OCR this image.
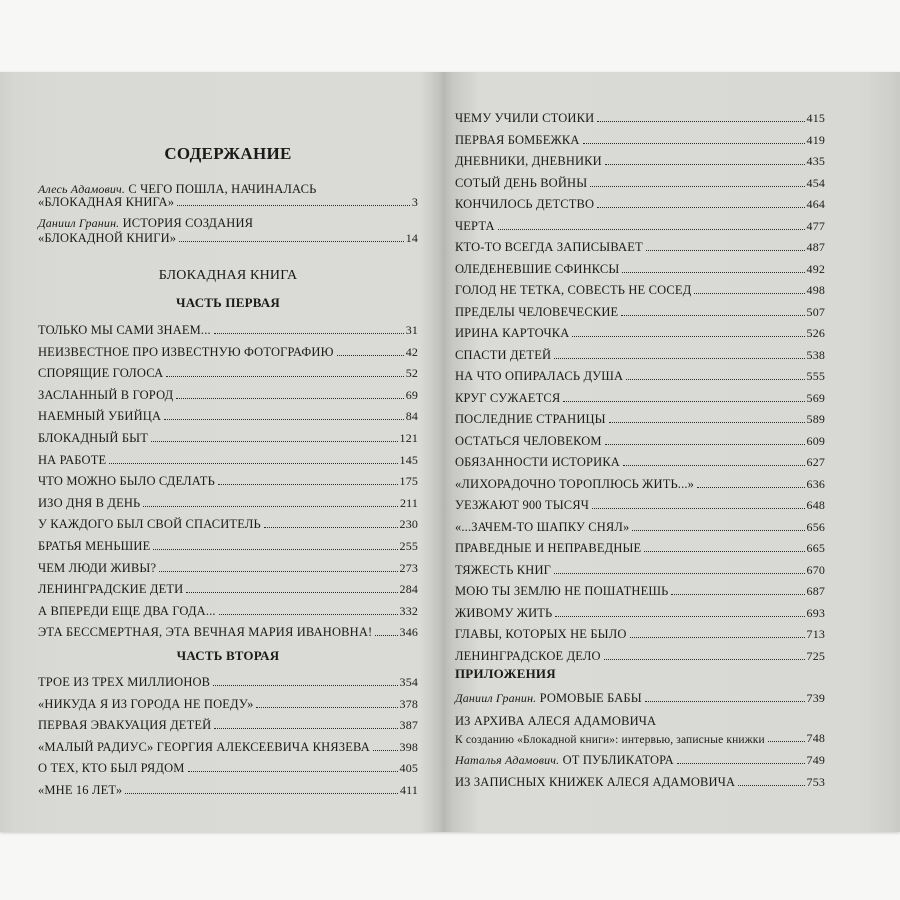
СОДЕРЖАНИЕ
Алесь Адамович. С ЧЕГО ПОШЛА, НАЧИНАЛАСЬ
«БЛОКАДНАЯ КНИГА»	3
Даниил Гранин. ИСТОРИЯ СОЗДАНИЯ
«БЛОКАДНОЙ КНИГИ»	14
БЛОКАДНАЯ КНИГА
ЧАСТЬ ПЕРВАЯ
ТОЛЬКО МЫ САМИ ЗНАЕМ...	31
НЕИЗВЕСТНОЕ ПРО ИЗВЕСТНУЮ ФОТОГРАФИЮ	42
СПОРЯЩИЕ ГОЛОСА	52
ЗАСЛАННЫЙ В ГОРОД	69
НАЕМНЫЙ УБИЙЦА	84
БЛОКАДНЫЙ БЫТ	121
НА РАБОТЕ	145
ЧТО МОЖНО БЫЛО СДЕЛАТЬ	175
ИЗО ДНЯ В ДЕНЬ	211
У КАЖДОГО БЫЛ СВОЙ СПАСИТЕЛЬ	230
БРАТЬЯ МЕНЬШИЕ	255
ЧЕМ ЛЮДИ ЖИВЫ?	273
ЛЕНИНГРАДСКИЕ ДЕТИ	284
А ВПЕРЕДИ ЕЩЕ ДВА ГОДА...	332
ЭТА БЕССМЕРТНАЯ, ЭТА ВЕЧНАЯ МАРИЯ ИВАНОВНА! 346
ЧАСТЬ ВТОРАЯ
ТРОЕ ИЗ ТРЕХ МИЛЛИОНОВ	354
«НИКУДА Я ИЗ ГОРОДА НЕ ПОЕДУ»	378
ПЕРВАЯ ЭВАКУАЦИЯ ДЕТЕЙ	387
«МАЛЫЙ РАДИУС» ГЕОРГИЯ АЛЕКСЕЕВИЧА КНЯЗЕВА 398
О ТЕХ, КТО БЫЛ РЯДОМ	405
«МНЕ 16 ЛЕТ»	411
ЧЕМУ УЧИЛИ СТОИКИ	415
ПЕРВАЯ БОМБЕЖКА	419
ДНЕВНИКИ, ДНЕВНИКИ	435
СОТЫЙ ДЕНЬ ВОЙНЫ	454
КОНЧИЛОСЬ ДЕТСТВО	464
ЧЕРТА	477
КТО-ТО ВСЕГДА ЗАПИСЫВАЕТ	487
ОЛЕДЕНЕВШИЕ СФИНКСЫ	492
ГОЛОД НЕ ТЕТКА, СОВЕСТЬ НЕ СОСЕД	498
ПРЕДЕЛЫ ЧЕЛОВЕЧЕСКИЕ	507
ИРИНА КАРТОЧКА	526
СПАСТИ ДЕТЕЙ	538
НА ЧТО ОПИРАЛАСЬ ДУША	555
КРУГ СУЖАЕТСЯ	569
ПОСЛЕДНИЕ СТРАНИЦЫ	589
ОСТАТЬСЯ ЧЕЛОВЕКОМ	609
ОБЯЗАННОСТИ ИСТОРИКА	627
«ЛИХОРАДОЧНО ТОРОПЛЮСЬ ЖИТЬ...»	636
УЕЗЖАЮТ 900 ТЫСЯЧ	648
«...ЗАЧЕМ-ТО ШАПКУ СНЯЛ»	656
ПРАВЕДНЫЕ И НЕПРАВЕДНЫЕ	665
ТЯЖЕСТЬ КНИГ	670
МОЮ ТЫ ЗЕМЛЮ НЕ ПОШАТНЕШЬ	687
ЖИВОМУ ЖИТЬ	693
ГЛАВЫ, КОТОРЫХ НЕ БЫЛО	713
ЛЕНИНГРАДСКОЕ ДЕЛО	725
ПРИЛОЖЕНИЯ
Даниил Гранин. РОМОВЫЕ БАБЫ	739
ИЗ АРХИВА АЛЕСЯ АДАМОВИЧА
К созданию «Блокадной книги»: интервью, записные книжки	748
Наталья Адамович. ОТ ПУБЛИКАТОРА	749
ИЗ ЗАПИСНЫХ КНИЖЕК АЛЕСЯ АДАМОВИЧА	753
